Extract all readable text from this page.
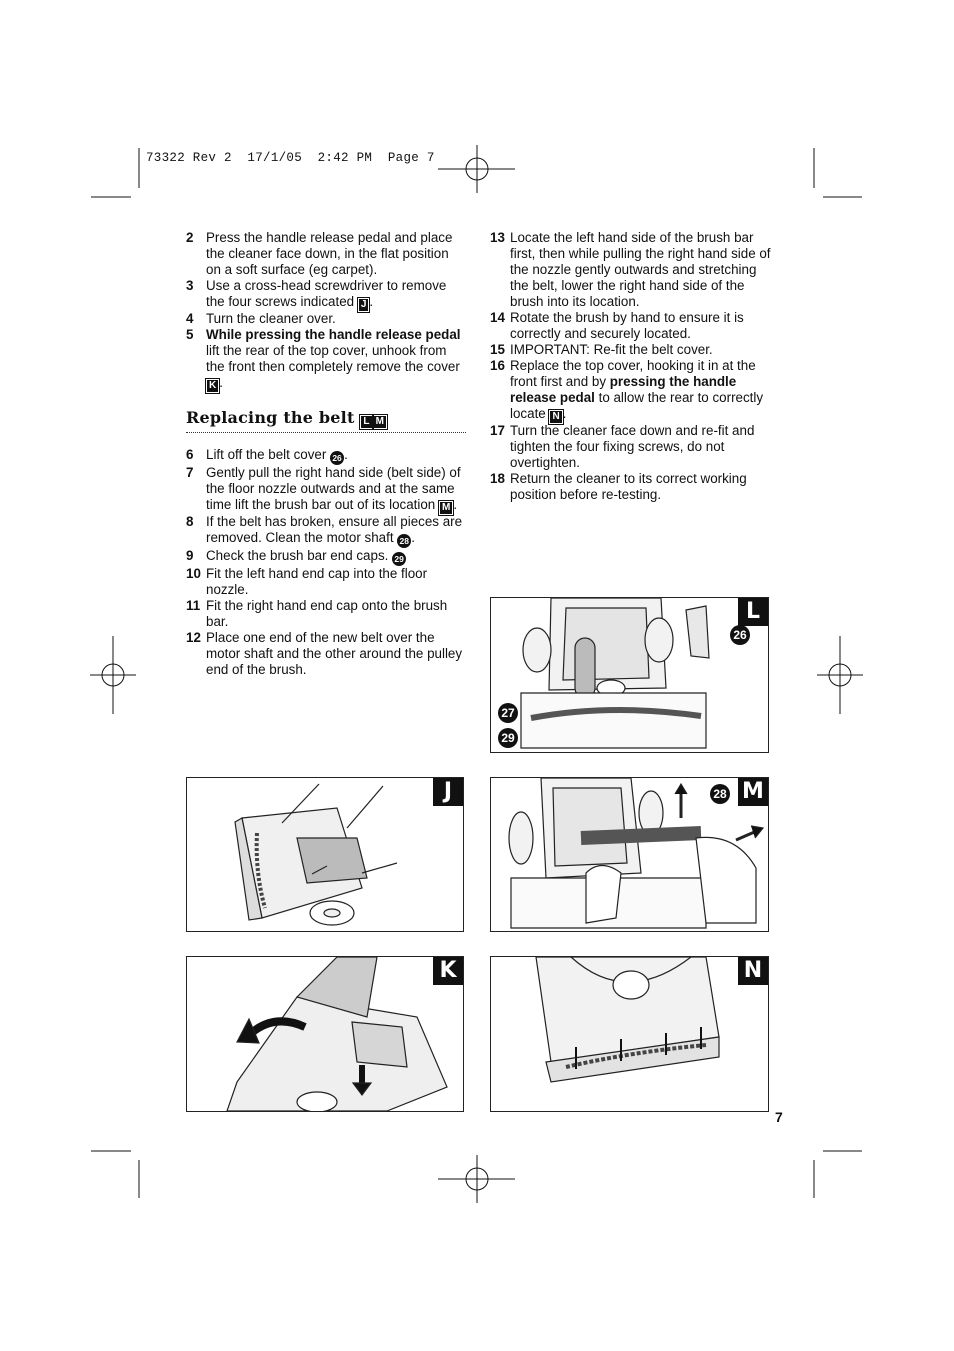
73322 Rev 2  17/1/05  2:42 PM  Page 7
2 Press the handle release pedal and place the cleaner face down, in the flat position on a soft surface (eg carpet).
3 Use a cross-head screwdriver to remove the four screws indicated J .
4 Turn the cleaner over.
5 While pressing the handle release pedal lift the rear of the top cover, unhook from the front then completely remove the cover K .
Replacing the belt L M
6 Lift off the belt cover 26 .
7 Gently pull the right hand side (belt side) of the floor nozzle outwards and at the same time lift the brush bar out of its location M .
8 If the belt has broken, ensure all pieces are removed. Clean the motor shaft 28 .
9 Check the brush bar end caps. 29
10 Fit the left hand end cap into the floor nozzle.
11 Fit the right hand end cap onto the brush bar.
12 Place one end of the new belt over the motor shaft and the other around the pulley end of the brush.
13 Locate the left hand side of the brush bar first, then while pulling the right hand side of the nozzle gently outwards and stretching the belt, lower the right hand side of the brush into its location.
14 Rotate the brush by hand to ensure it is correctly and securely located.
15 IMPORTANT: Re-fit the belt cover.
16 Replace the top cover, hooking it in at the front first and by pressing the handle release pedal to allow the rear to correctly locate N .
17 Turn the cleaner face down and re-fit and tighten the four fixing screws, do not overtighten.
18 Return the cleaner to its correct working position before re-testing.
L
26
27
29
J	M
28
K	N
7
